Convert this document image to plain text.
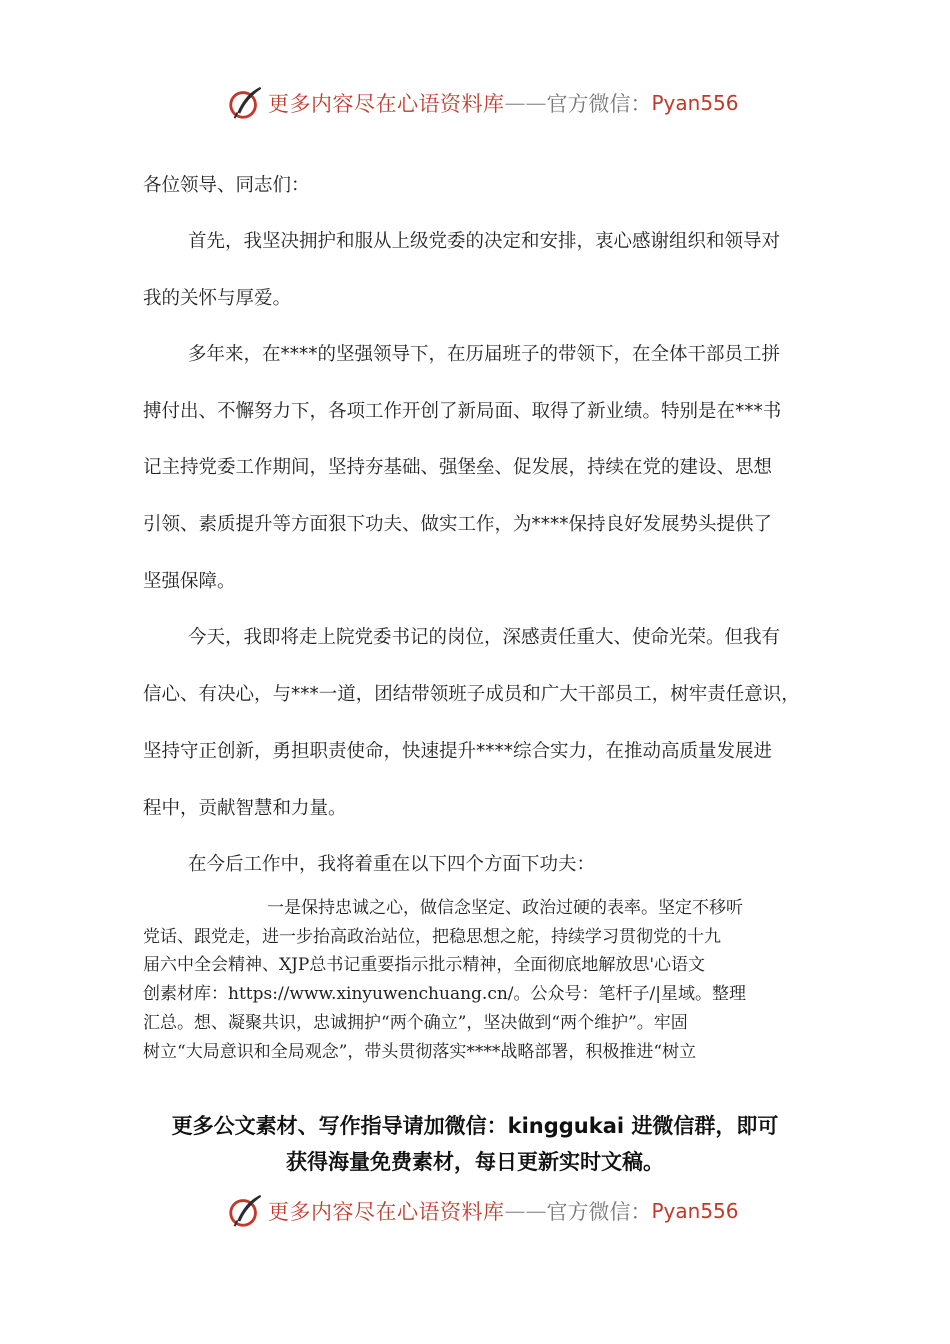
更多内容尽在心语资料库 —— 官方微信： Pyan556
各位领导、同志们：
首先，我坚决拥护和服从上级党委的决定和安排，衷心感谢组织和领导对
我的关怀与厚爱。
多年来，在****的坚强领导下，在历届班子的带领下，在全体干部员工拼
搏付出、不懈努力下，各项工作开创了新局面、取得了新业绩。特别是在***书
记主持党委工作期间，坚持夯基础、强堡垒、促发展，持续在党的建设、思想
引领、素质提升等方面狠下功夫、做实工作，为****保持良好发展势头提供了
坚强保障。
今天，我即将走上院党委书记的岗位，深感责任重大、使命光荣。但我有
信心、有决心，与***一道，团结带领班子成员和广大干部员工，树牢责任意识，
坚持守正创新，勇担职责使命，快速提升****综合实力，在推动高质量发展进
程中，贡献智慧和力量。
在今后工作中，我将着重在以下四个方面下功夫：
一是保持忠诚之心，做信念坚定、政治过硬的表率。坚定不移听
党话、跟党走，进一步抬高政治站位，把稳思想之舵，持续学习贯彻党的十九
届六中全会精神、XJP总书记重要指示批示精神，全面彻底地解放思'心语文
创素材库：https://www.xinyuwenchuang.cn/。公众号：笔杆子/|星域。整理
汇总。想、凝聚共识，忠诚拥护“两个确立”，坚决做到“两个维护”。牢固
树立“大局意识和全局观念”，带头贯彻落实****战略部署，积极推进“树立
更多公文素材、写作指导请加微信：kinggukai 进微信群，即可
获得海量免费素材，每日更新实时文稿。
更多内容尽在心语资料库 —— 官方微信： Pyan556
